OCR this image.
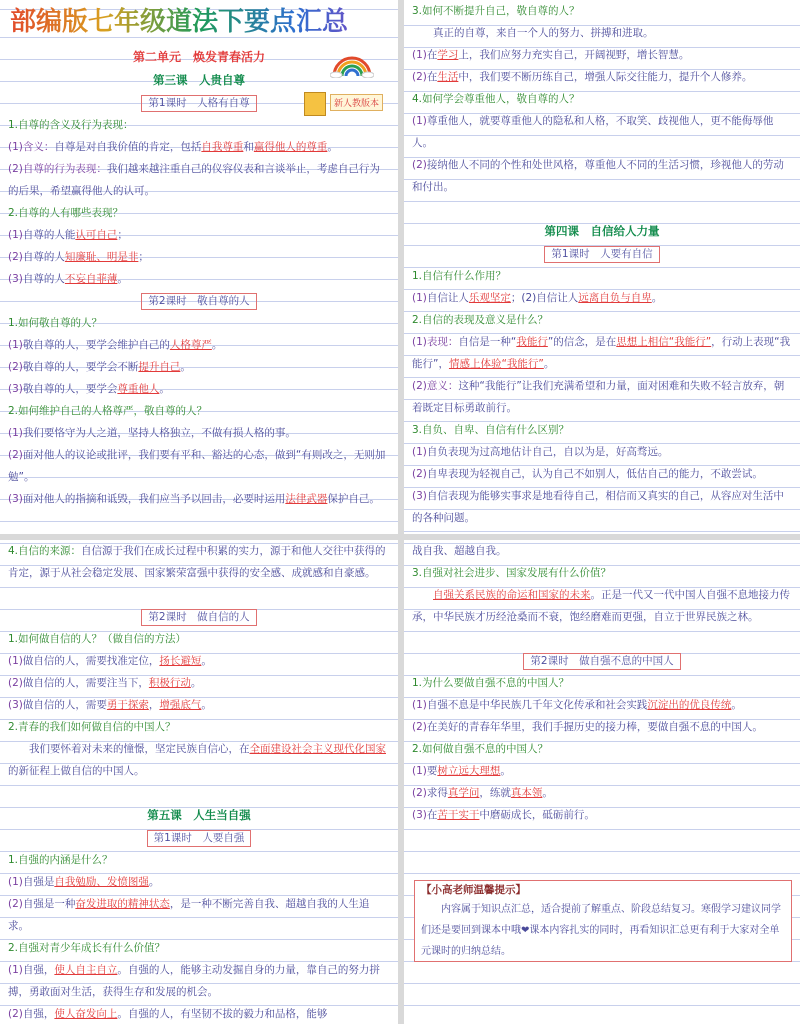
部编版七年级道法下要点汇总
第二单元　焕发青春活力
第三课　人贵自尊
第1课时　人格有自尊

1.自尊的含义及行为表现：

(1)含义：自尊是对自我价值的肯定，包括自我尊重和赢得他人的尊重。

(2)自尊的行为表现：我们越来越注重自己的仪容仪表和言谈举止，考虑自己行为的后果，希望赢得他人的认可。

2.自尊的人有哪些表现？

(1)自尊的人能认可自己；

(2)自尊的人知廉耻、明是非；

(3)自尊的人不妄自菲薄。

第2课时　敬自尊的人

1.如何敬自尊的人？

(1)敬自尊的人，要学会维护自己的人格尊严。

(2)敬自尊的人，要学会不断提升自己。

(3)敬自尊的人，要学会尊重他人。

2.如何维护自己的人格尊严，敬自尊的人？

(1)我们要恪守为人之道，坚持人格独立，不做有损人格的事。

(2)面对他人的议论或批评，我们要有平和、豁达的心态，做到“有则改之，无则加勉”。

(3)面对他人的指摘和诋毁，我们应当予以回击，必要时运用法律武器保护自己。

新人教版本

3.如何不断提升自己，敬自尊的人？

真正的自尊，来自一个人的努力、拼搏和进取。

(1)在学习上，我们应努力充实自己，开阔视野，增长智慧。

(2)在生活中，我们要不断历练自己，增强人际交往能力，提升个人修养。

4.如何学会尊重他人，敬自尊的人？

(1)尊重他人，就要尊重他人的隐私和人格，不取笑、歧视他人，更不能侮辱他人。

(2)接纳他人不同的个性和处世风格，尊重他人不同的生活习惯，珍视他人的劳动和付出。

第四课　自信给人力量
第1课时　人要有自信

1.自信有什么作用？

(1)自信让人乐观坚定；(2)自信让人远离自负与自卑。

2.自信的表现及意义是什么？

(1)表现：自信是一种“我能行”的信念，是在思想上相信“我能行”，行动上表现“我能行”，情感上体验“我能行”。

(2)意义：这种“我能行”让我们充满希望和力量，面对困难和失败不轻言放弃，朝着既定目标勇敢前行。

3.自负、自卑、自信有什么区别？

(1)自负表现为过高地估计自己，自以为是，好高骛远。

(2)自卑表现为轻视自己，认为自己不如别人，低估自己的能力，不敢尝试。

(3)自信表现为能够实事求是地看待自己，相信而又真实的自己，从容应对生活中的各种问题。

4.自信的来源：自信源于我们在成长过程中积累的实力，源于和他人交往中获得的肯定，源于从社会稳定发展、国家繁荣富强中获得的安全感、成就感和自豪感。

第2课时　做自信的人

1.如何做自信的人？（做自信的方法）

(1)做自信的人，需要找准定位，扬长避短。

(2)做自信的人，需要注当下，积极行动。

(3)做自信的人，需要勇于探索，增强底气。

2.青春的我们如何做自信的中国人？

我们要怀着对未来的憧憬，坚定民族自信心，在全面建设社会主义现代化国家的新征程上做自信的中国人。

第五课　人生当自强
第1课时　人要自强

1.自强的内涵是什么？

(1)自强是自我勉励、发愤图强。

(2)自强是一种奋发进取的精神状态，是一种不断完善自我、超越自我的人生追求。

2.自强对青少年成长有什么价值？

(1)自强，使人自主自立。自强的人，能够主动发掘自身的力量，靠自己的努力拼搏，勇敢面对生活，获得生存和发展的机会。

(2)自强，使人奋发向上。自强的人，有坚韧不拔的毅力和品格，能够

战自我、超越自我。

3.自强对社会进步、国家发展有什么价值？

自强关系民族的命运和国家的未来。正是一代又一代中国人自强不息地接力传承，中华民族才历经沧桑而不衰，饱经磨难而更强，自立于世界民族之林。

第2课时　做自强不息的中国人

1.为什么要做自强不息的中国人？

(1)自强不息是中华民族几千年文化传承和社会实践沉淀出的优良传统。

(2)在美好的青春年华里，我们手握历史的接力棒，要做自强不息的中国人。

2.如何做自强不息的中国人？

(1)要树立远大理想。

(2)求得真学问，练就真本领。

(3)在苦干实干中磨砺成长，砥砺前行。

【小高老师温馨提示】
内容属于知识点汇总，适合提前了解重点、阶段总结复习。寒假学习建议同学们还是要回到课本中哦❤课本内容扎实的同时，再看知识汇总更有利于大家对全单元课时的归纳总结。
